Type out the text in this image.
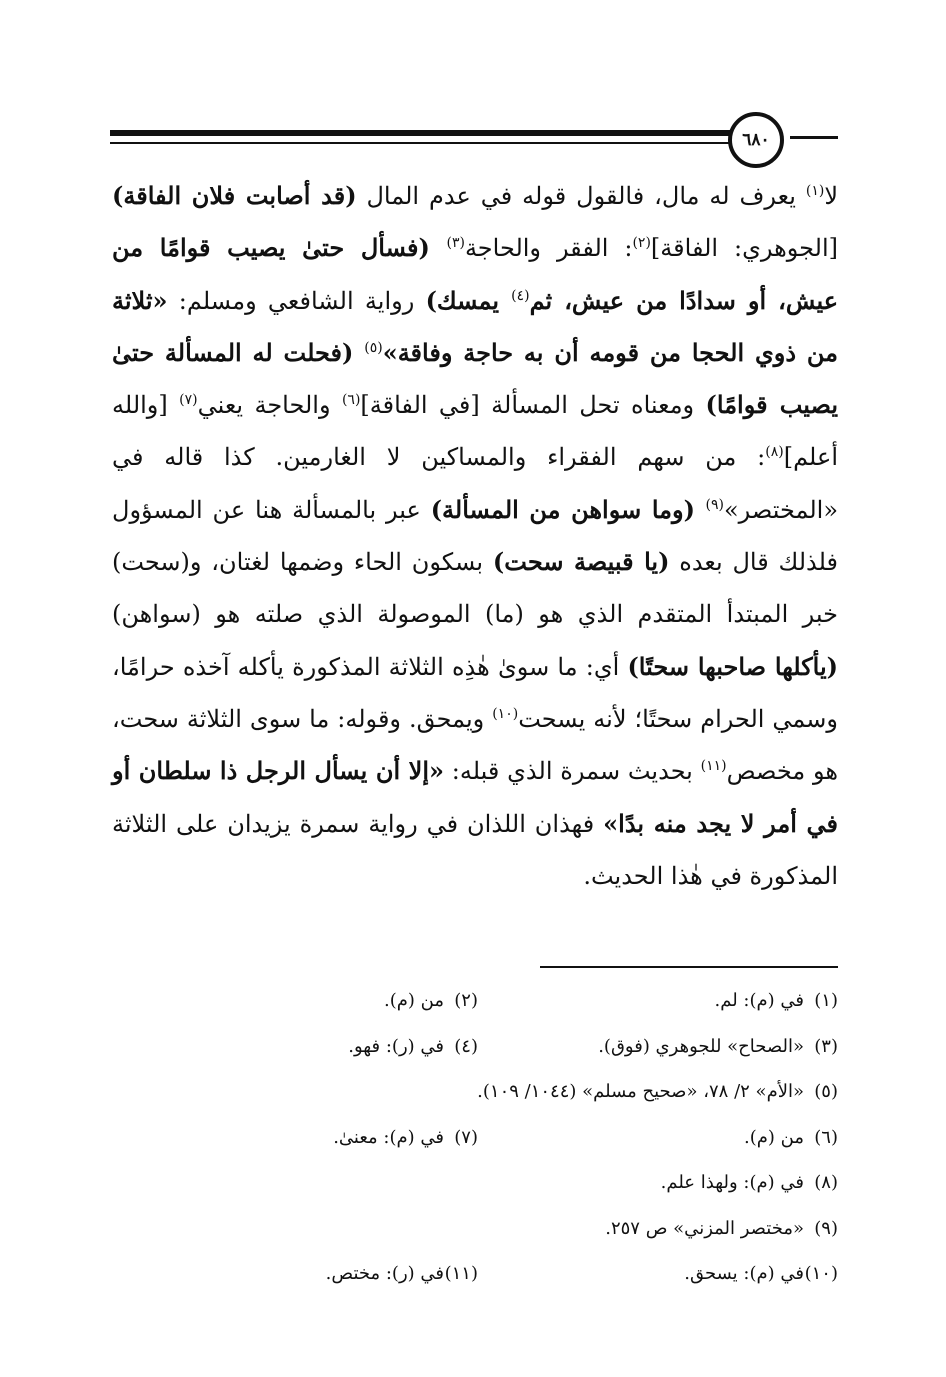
٦٨٠

لا$^{(١)}$ يعرف له مال، فالقول قوله في عدم المال (قد أصابت فلان الفاقة) [الجوهري: الفاقة]$^{(٢)}$: الفقر والحاجة$^{(٣)}$ (فسأل حتىٰ يصيب قوامًا من عيش، أو سدادًا من عيش، ثم$^{(٤)}$ يمسك) رواية الشافعي ومسلم: «ثلاثة من ذوي الحجا من قومه أن به حاجة وفاقة»$^{(٥)}$ (فحلت له المسألة حتىٰ يصيب قوامًا) ومعناه تحل المسألة [في الفاقة]$^{(٦)}$ والحاجة يعني$^{(٧)}$ [والله أعلم]$^{(٨)}$: من سهم الفقراء والمساكين لا الغارمين. كذا قاله في «المختصر»$^{(٩)}$ (وما سواهن من المسألة) عبر بالمسألة هنا عن المسؤول فلذلك قال بعده (يا قبيصة سحت) بسكون الحاء وضمها لغتان، و(سحت) خبر المبتدأ المتقدم الذي هو (ما) الموصولة الذي صلته هو (سواهن) (يأكلها صاحبها سحتًا) أي: ما سوىٰ هٰذِه الثلاثة المذكورة يأكله آخذه حرامًا، وسمي الحرام سحتًا؛ لأنه يسحت$^{(١٠)}$ ويمحق. وقوله: ما سوى الثلاثة سحت، هو مخصص$^{(١١)}$ بحديث سمرة الذي قبله: «إلا أن يسأل الرجل ذا سلطان أو في أمر لا يجد منه بدًا» فهذان اللذان في رواية سمرة يزيدان على الثلاثة المذكورة في هٰذا الحديث.

(١)في (م): لم.
(٢)من (م).
(٣)«الصحاح» للجوهري (فوق).
(٤)في (ر): فهو.
(٥)«الأم» ٢/ ٧٨، «صحيح مسلم» (١٠٤٤/ ١٠٩).
(٦)من (م).
(٧)في (م): معنىٰ.
(٨)في (م): ولهذا علم.
(٩)«مختصر المزني» ص ٢٥٧.
(١٠)في (م): يسحق.
(١١)في (ر): مختص.
